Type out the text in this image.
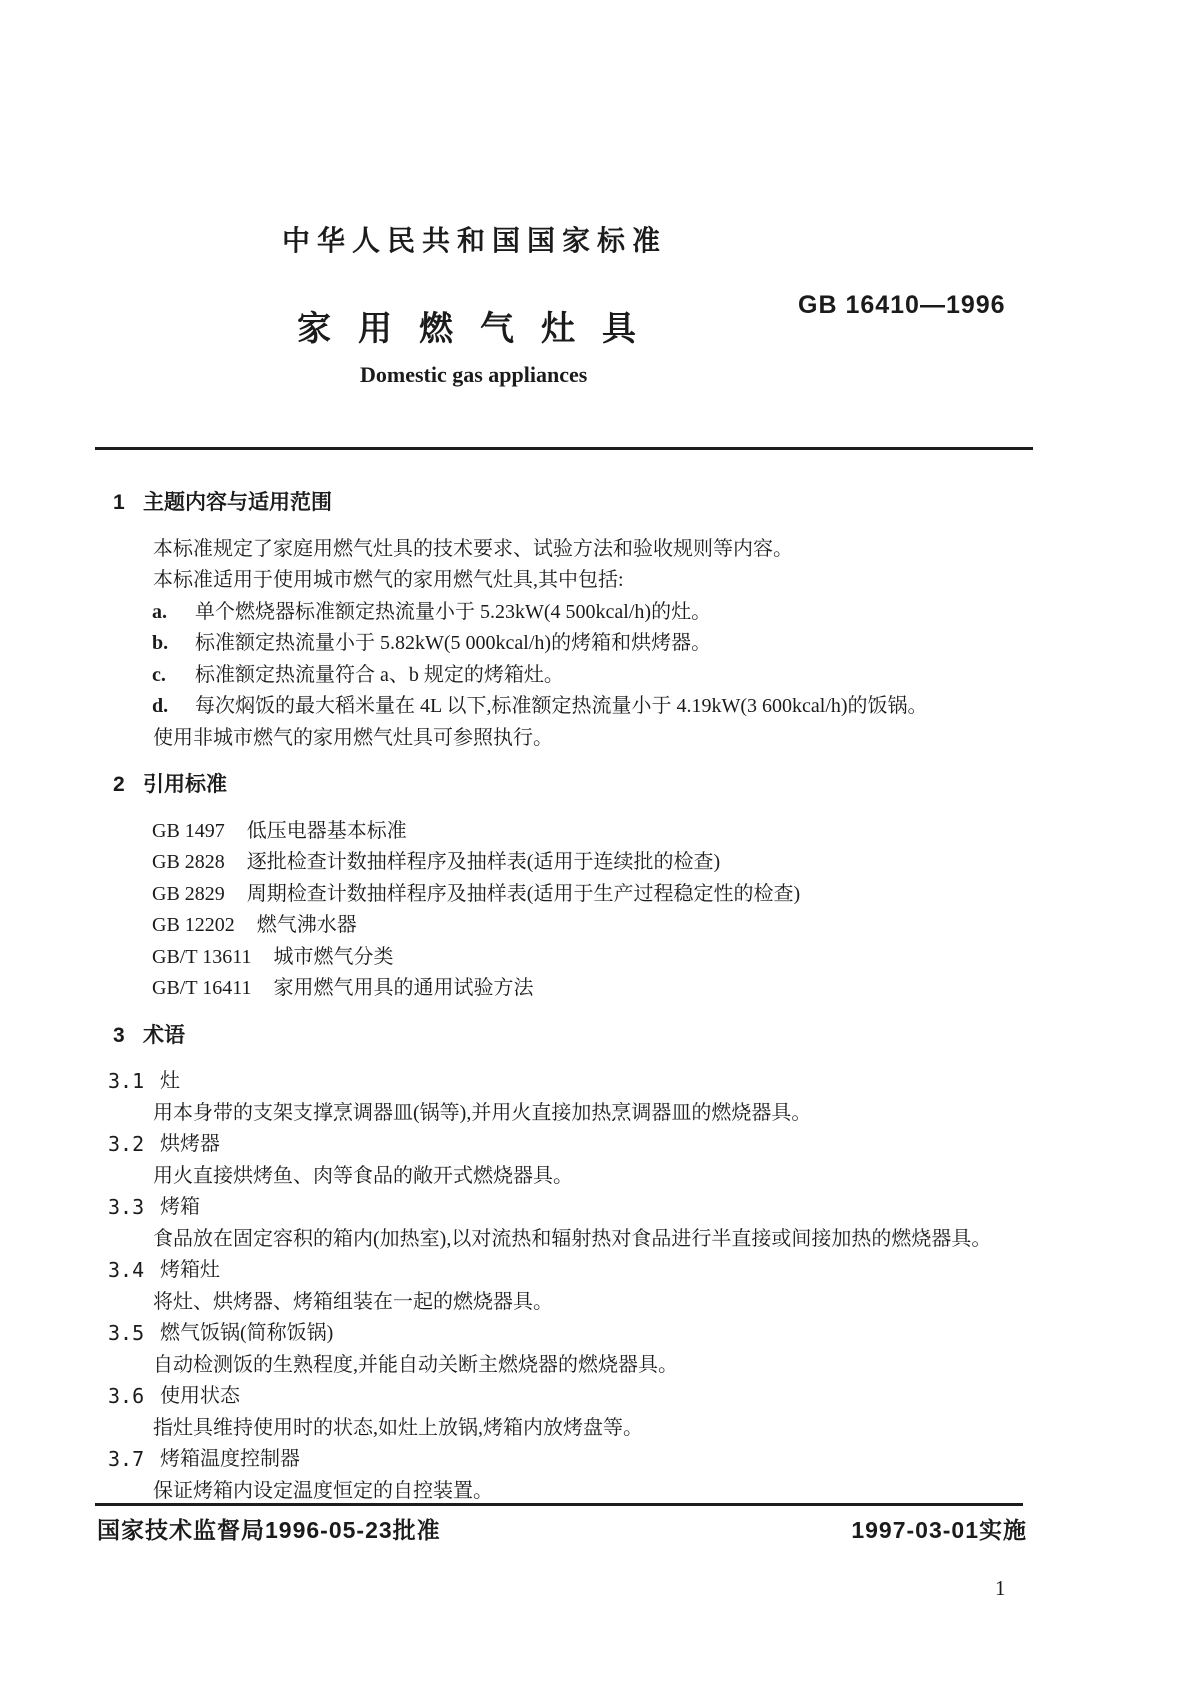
中华人民共和国国家标准
GB 16410—1996
家用燃气灶具
Domestic gas appliances
1 主题内容与适用范围
本标准规定了家庭用燃气灶具的技术要求、试验方法和验收规则等内容。
本标准适用于使用城市燃气的家用燃气灶具,其中包括:
a.	单个燃烧器标准额定热流量小于 5.23kW(4 500kcal/h)的灶。
b.	标准额定热流量小于 5.82kW(5 000kcal/h)的烤箱和烘烤器。
c.	标准额定热流量符合 a、b 规定的烤箱灶。
d.	每次焖饭的最大稻米量在 4L 以下,标准额定热流量小于 4.19kW(3 600kcal/h)的饭锅。
使用非城市燃气的家用燃气灶具可参照执行。
2 引用标准
GB 1497 低压电器基本标准
GB 2828 逐批检查计数抽样程序及抽样表(适用于连续批的检查)
GB 2829 周期检查计数抽样程序及抽样表(适用于生产过程稳定性的检查)
GB 12202 燃气沸水器
GB/T 13611 城市燃气分类
GB/T 16411 家用燃气用具的通用试验方法
3 术语
3.1 灶
用本身带的支架支撑烹调器皿(锅等),并用火直接加热烹调器皿的燃烧器具。
3.2 烘烤器
用火直接烘烤鱼、肉等食品的敞开式燃烧器具。
3.3 烤箱
食品放在固定容积的箱内(加热室),以对流热和辐射热对食品进行半直接或间接加热的燃烧器具。
3.4 烤箱灶
将灶、烘烤器、烤箱组装在一起的燃烧器具。
3.5 燃气饭锅(简称饭锅)
自动检测饭的生熟程度,并能自动关断主燃烧器的燃烧器具。
3.6 使用状态
指灶具维持使用时的状态,如灶上放锅,烤箱内放烤盘等。
3.7 烤箱温度控制器
保证烤箱内设定温度恒定的自控装置。
国家技术监督局1996-05-23批准	1997-03-01实施
1
